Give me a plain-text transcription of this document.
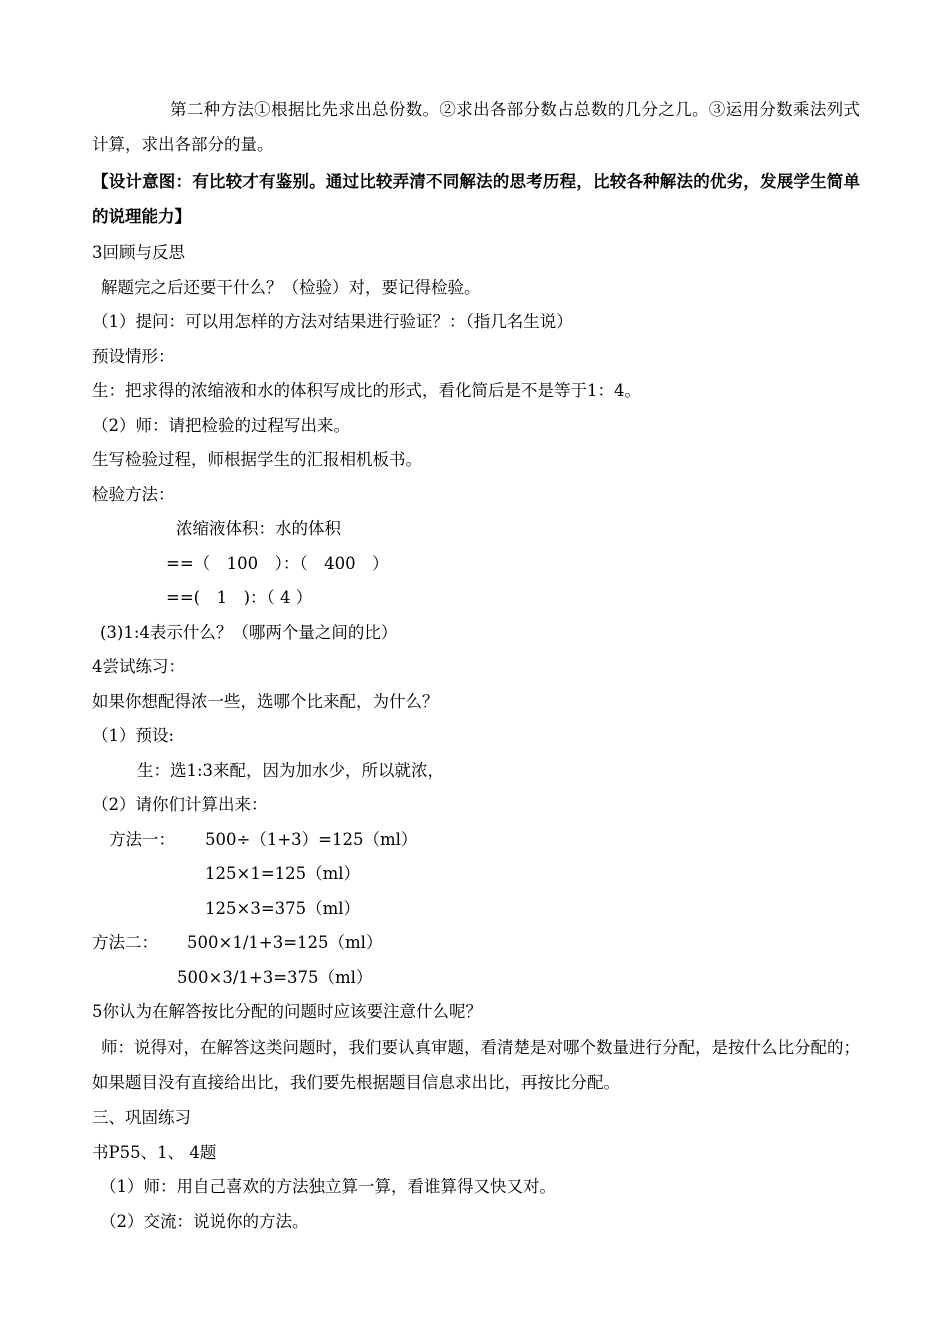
第二种方法①根据比先求出总份数。②求出各部分数占总数的几分之几。③运用分数乘法列式计算，求出各部分的量。
【设计意图：有比较才有鉴别。通过比较弄清不同解法的思考历程，比较各种解法的优劣，发展学生简单的说理能力】
3回顾与反思
解题完之后还要干什么？（检验）对，要记得检验。
（1）提问：可以用怎样的方法对结果进行验证？：（指几名生说）
预设情形：
生：把求得的浓缩液和水的体积写成比的形式，看化简后是不是等于1：4。
（2）师：请把检验的过程写出来。
生写检验过程，师根据学生的汇报相机板书。
检验方法：
浓缩液体积：水的体积
==（　100　）：（　400　）
==(　1　)：（ 4 ）
(3)1:4表示什么？（哪两个量之间的比）
4尝试练习：
如果你想配得浓一些，选哪个比来配，为什么？
（1）预设:
生：选1:3来配，因为加水少，所以就浓，
（2）请你们计算出来：
方法一： 500÷（1+3）=125（ml）
125×1=125（ml）
125×3=375（ml）
方法二： 500×1/1+3=125（ml）
500×3/1+3=375（ml）
5你认为在解答按比分配的问题时应该要注意什么呢？
师：说得对，在解答这类问题时，我们要认真审题，看清楚是对哪个数量进行分配，是按什么比分配的；如果题目没有直接给出比，我们要先根据题目信息求出比，再按比分配。
三、巩固练习
书P55、1、 4题
（1）师：用自己喜欢的方法独立算一算，看谁算得又快又对。
（2）交流：说说你的方法。
